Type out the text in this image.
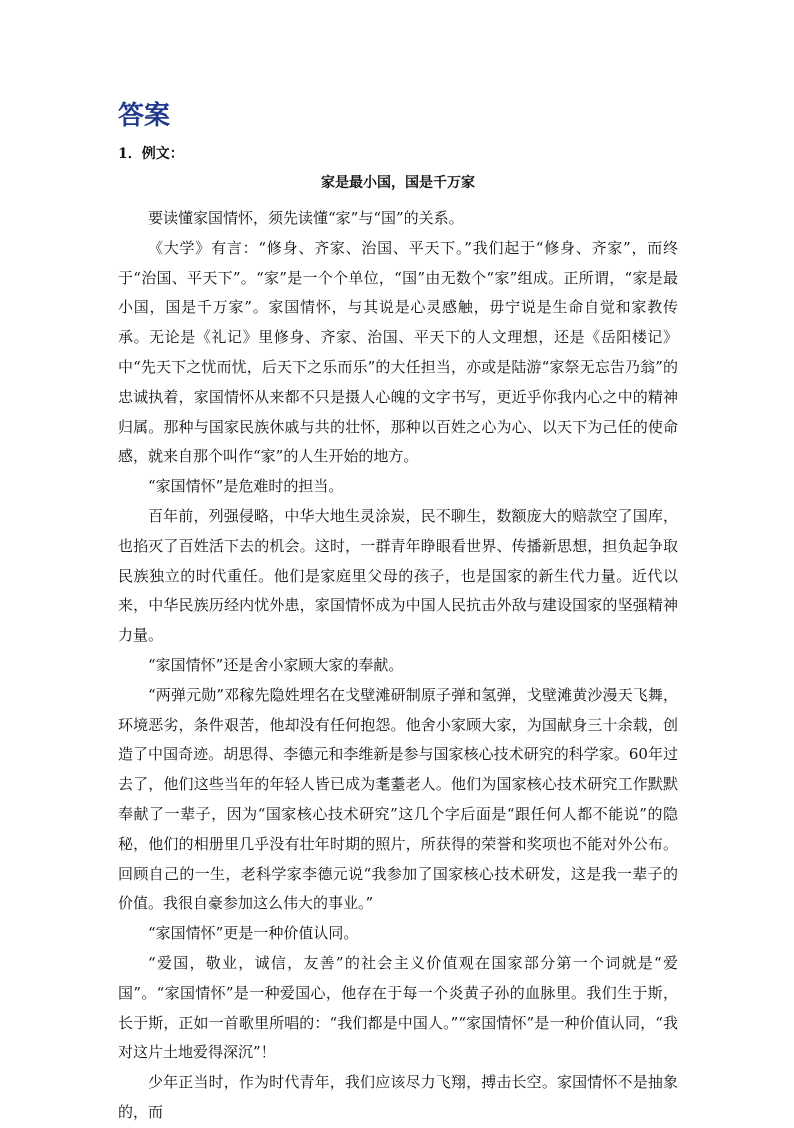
答案

1．例文：

家是最小国，国是千万家

要读懂家国情怀，须先读懂“家”与“国”的关系。

《大学》有言：“修身、齐家、治国、平天下。”我们起于“修身、齐家”，而终于“治国、平天下”。“家”是一个个单位，“国”由无数个“家”组成。正所谓，“家是最小国，国是千万家”。家国情怀，与其说是心灵感触，毋宁说是生命自觉和家教传承。无论是《礼记》里修身、齐家、治国、平天下的人文理想，还是《岳阳楼记》中“先天下之忧而忧，后天下之乐而乐”的大任担当，亦或是陆游“家祭无忘告乃翁”的忠诚执着，家国情怀从来都不只是摄人心魄的文字书写，更近乎你我内心之中的精神归属。那种与国家民族休戚与共的壮怀，那种以百姓之心为心、以天下为己任的使命感，就来自那个叫作“家”的人生开始的地方。

“家国情怀”是危难时的担当。

百年前，列强侵略，中华大地生灵涂炭，民不聊生，数额庞大的赔款空了国库，也掐灭了百姓活下去的机会。这时，一群青年睁眼看世界、传播新思想，担负起争取民族独立的时代重任。他们是家庭里父母的孩子，也是国家的新生代力量。近代以来，中华民族历经内忧外患，家国情怀成为中国人民抗击外敌与建设国家的坚强精神力量。

“家国情怀”还是舍小家顾大家的奉献。

“两弹元勋”邓稼先隐姓埋名在戈壁滩研制原子弹和氢弹，戈壁滩黄沙漫天飞舞，环境恶劣，条件艰苦，他却没有任何抱怨。他舍小家顾大家，为国献身三十余载，创造了中国奇迹。胡思得、李德元和李维新是参与国家核心技术研究的科学家。60年过去了，他们这些当年的年轻人皆已成为耄耋老人。他们为国家核心技术研究工作默默奉献了一辈子，因为“国家核心技术研究”这几个字后面是“跟任何人都不能说”的隐秘，他们的相册里几乎没有壮年时期的照片，所获得的荣誉和奖项也不能对外公布。回顾自己的一生，老科学家李德元说“我参加了国家核心技术研发，这是我一辈子的价值。我很自豪参加这么伟大的事业。”

“家国情怀”更是一种价值认同。

“爱国，敬业，诚信，友善”的社会主义价值观在国家部分第一个词就是“爱国”。“家国情怀”是一种爱国心，他存在于每一个炎黄子孙的血脉里。我们生于斯，长于斯，正如一首歌里所唱的：“我们都是中国人。”“家国情怀”是一种价值认同，“我对这片土地爱得深沉”！

少年正当时，作为时代青年，我们应该尽力飞翔，搏击长空。家国情怀不是抽象的，而
